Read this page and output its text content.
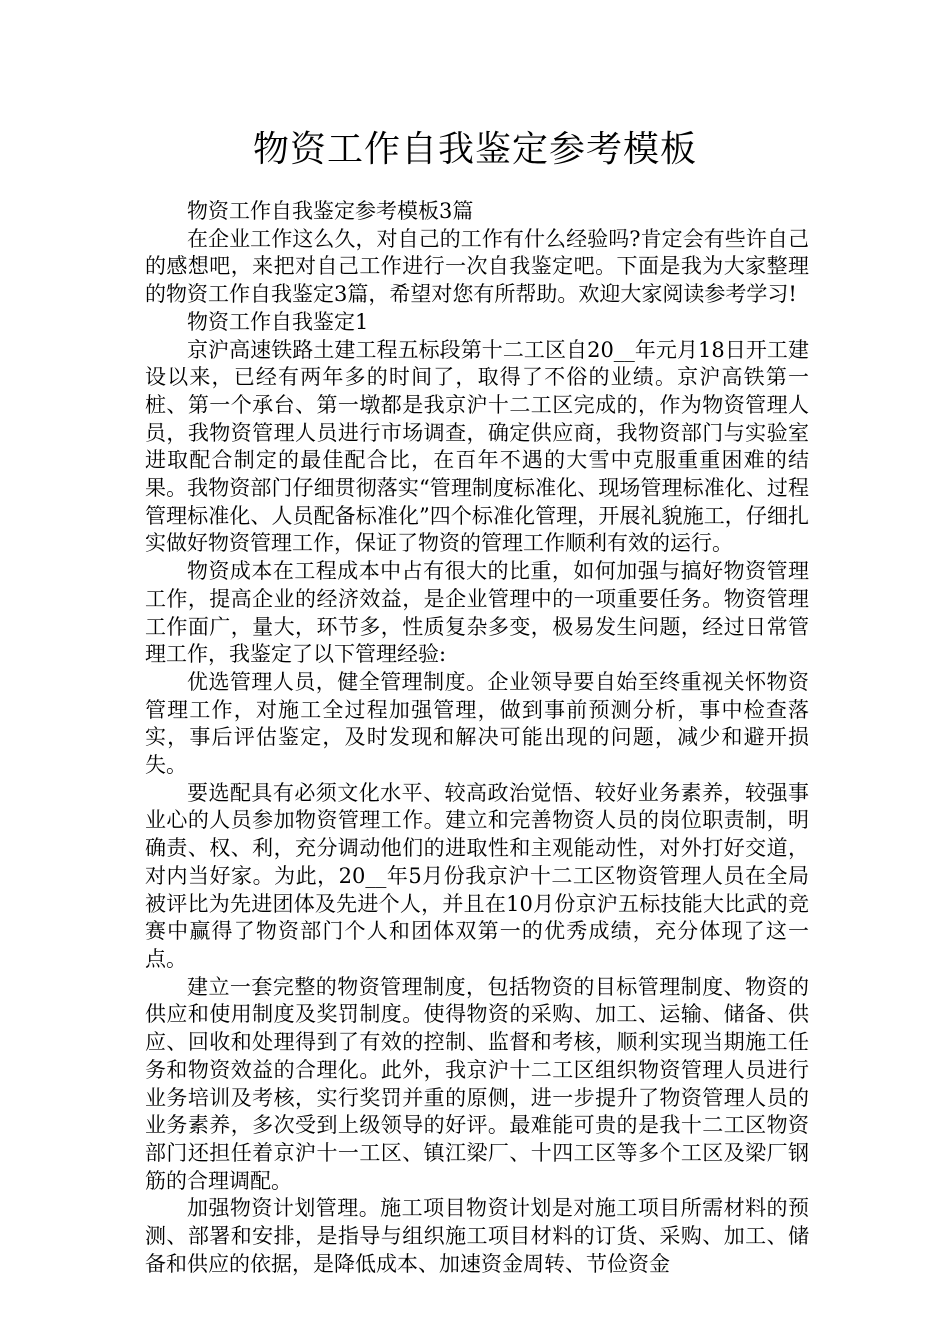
物资工作自我鉴定参考模板

物资工作自我鉴定参考模板3篇

在企业工作这么久，对自己的工作有什么经验吗?肯定会有些许自己的感想吧，来把对自己工作进行一次自我鉴定吧。下面是我为大家整理的物资工作自我鉴定3篇，希望对您有所帮助。欢迎大家阅读参考学习!

物资工作自我鉴定1

京沪高速铁路土建工程五标段第十二工区自20__年元月18日开工建设以来，已经有两年多的时间了，取得了不俗的业绩。京沪高铁第一桩、第一个承台、第一墩都是我京沪十二工区完成的，作为物资管理人员，我物资管理人员进行市场调查，确定供应商，我物资部门与实验室进取配合制定的最佳配合比，在百年不遇的大雪中克服重重困难的结果。我物资部门仔细贯彻落实“管理制度标准化、现场管理标准化、过程管理标准化、人员配备标准化”四个标准化管理，开展礼貌施工，仔细扎实做好物资管理工作，保证了物资的管理工作顺利有效的运行。

物资成本在工程成本中占有很大的比重，如何加强与搞好物资管理工作，提高企业的经济效益，是企业管理中的一项重要任务。物资管理工作面广，量大，环节多，性质复杂多变，极易发生问题，经过日常管理工作，我鉴定了以下管理经验:

优选管理人员，健全管理制度。企业领导要自始至终重视关怀物资管理工作，对施工全过程加强管理，做到事前预测分析，事中检查落实，事后评估鉴定，及时发现和解决可能出现的问题，减少和避开损失。

要选配具有必须文化水平、较高政治觉悟、较好业务素养，较强事业心的人员参加物资管理工作。建立和完善物资人员的岗位职责制，明确责、权、利，充分调动他们的进取性和主观能动性，对外打好交道，对内当好家。为此，20__年5月份我京沪十二工区物资管理人员在全局被评比为先进团体及先进个人，并且在10月份京沪五标技能大比武的竞赛中赢得了物资部门个人和团体双第一的优秀成绩，充分体现了这一点。

建立一套完整的物资管理制度，包括物资的目标管理制度、物资的供应和使用制度及奖罚制度。使得物资的采购、加工、运输、储备、供应、回收和处理得到了有效的控制、监督和考核，顺利实现当期施工任务和物资效益的合理化。此外，我京沪十二工区组织物资管理人员进行业务培训及考核，实行奖罚并重的原侧，进一步提升了物资管理人员的业务素养，多次受到上级领导的好评。最难能可贵的是我十二工区物资部门还担任着京沪十一工区、镇江梁厂、十四工区等多个工区及梁厂钢筋的合理调配。

加强物资计划管理。施工项目物资计划是对施工项目所需材料的预测、部署和安排，是指导与组织施工项目材料的订货、采购、加工、储备和供应的依据，是降低成本、加速资金周转、节俭资金
